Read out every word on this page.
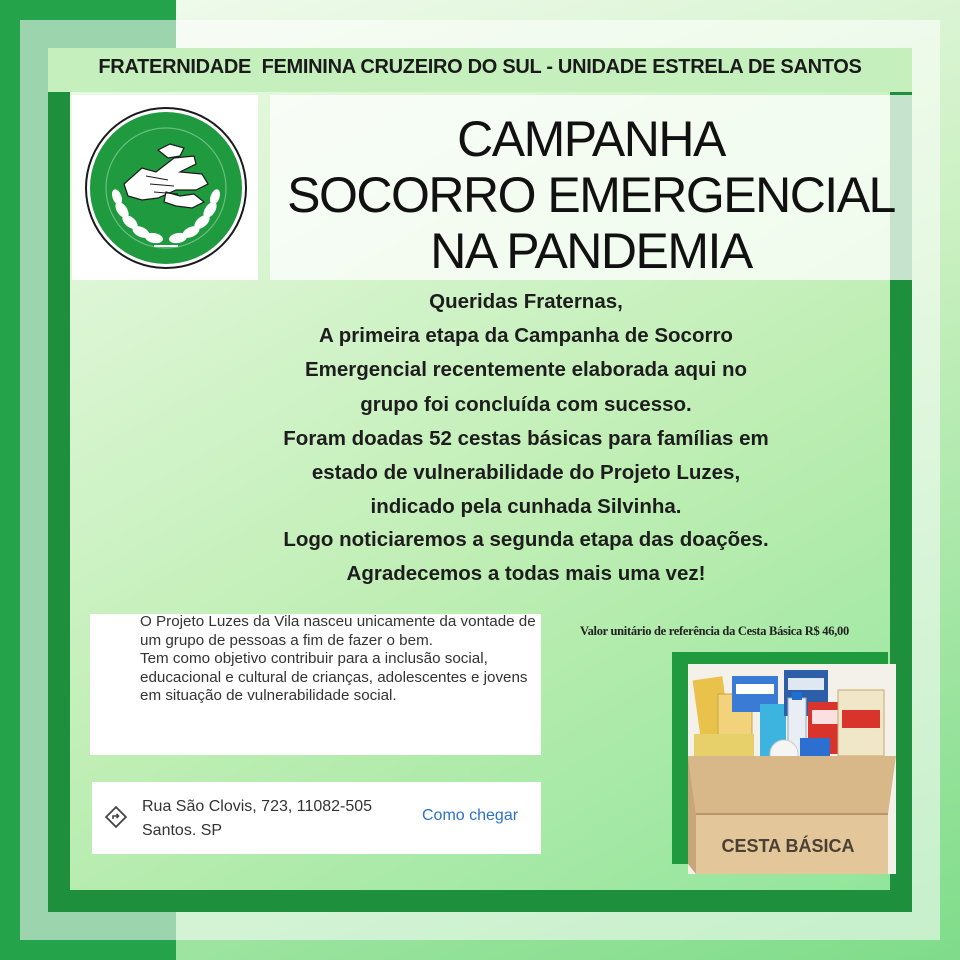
FRATERNIDADE  FEMININA CRUZEIRO DO SUL - UNIDADE ESTRELA DE SANTOS
CAMPANHA
SOCORRO EMERGENCIAL
NA PANDEMIA
Queridas Fraternas,
A primeira etapa da Campanha de Socorro
Emergencial recentemente elaborada aqui no
grupo foi concluída com sucesso.
Foram doadas 52 cestas básicas para famílias em
estado de vulnerabilidade do Projeto Luzes,
indicado pela cunhada Silvinha.
Logo noticiaremos a segunda etapa das doações.
Agradecemos a todas mais uma vez!

O Projeto Luzes da Vila nasceu unicamente da vontade de um grupo de pessoas a fim de fazer o bem.

Tem como objetivo contribuir para a inclusão social, educacional e cultural de crianças, adolescentes e jovens em situação de vulnerabilidade social.

Rua São Clovis, 723, 11082-505
Santos. SP
Como chegar
Valor unitário de referência da Cesta Básica R$ 46,00
CESTA BÁSICA
